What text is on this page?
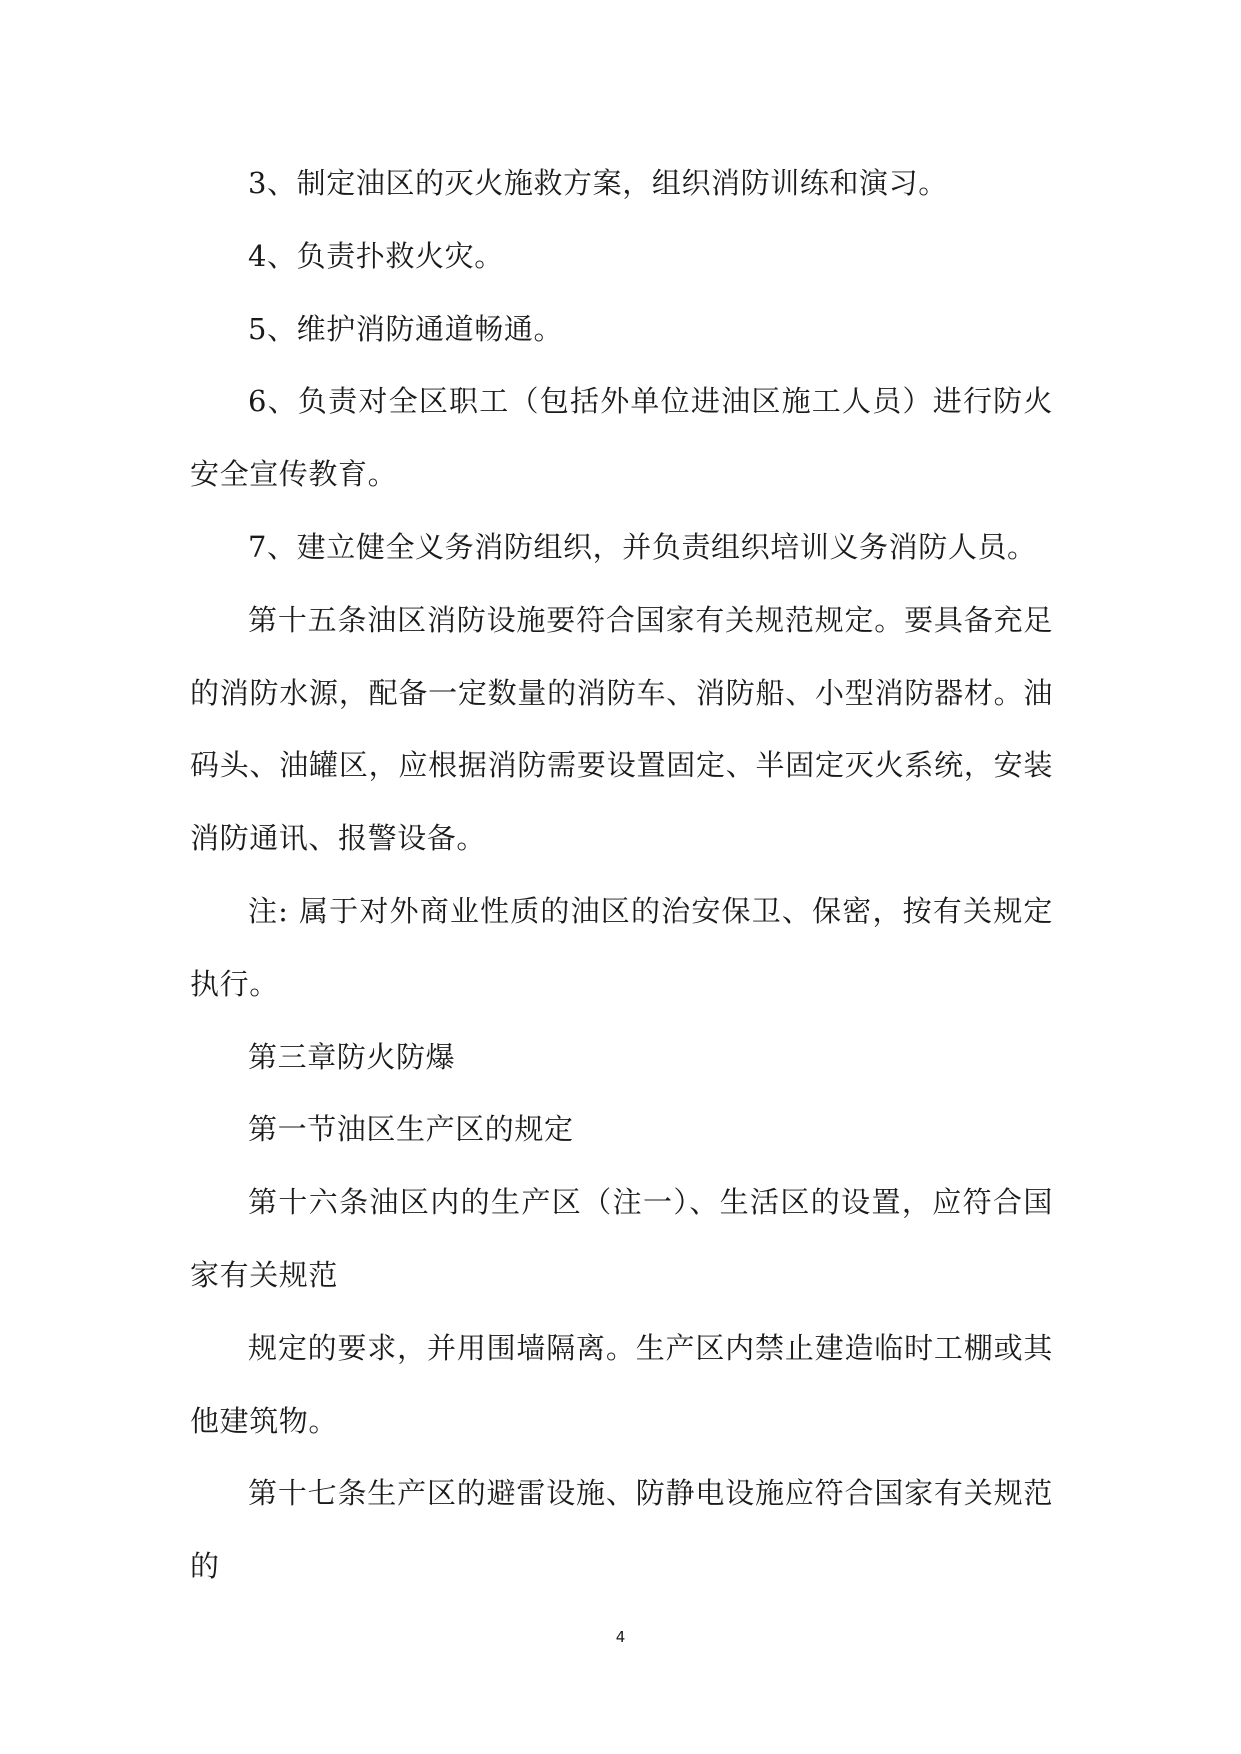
3、制定油区的灭火施救方案，组织消防训练和演习。

4、负责扑救火灾。

5、维护消防通道畅通。

6、负责对全区职工（包括外单位进油区施工人员）进行防火安全宣传教育。

7、建立健全义务消防组织，并负责组织培训义务消防人员。

第十五条油区消防设施要符合国家有关规范规定。要具备充足的消防水源，配备一定数量的消防车、消防船、小型消防器材。油码头、油罐区，应根据消防需要设置固定、半固定灭火系统，安装消防通讯、报警设备。

注: 属于对外商业性质的油区的治安保卫、保密，按有关规定执行。

第三章防火防爆

第一节油区生产区的规定

第十六条油区内的生产区（注一）、生活区的设置，应符合国家有关规范

规定的要求，并用围墙隔离。生产区内禁止建造临时工棚或其他建筑物。

第十七条生产区的避雷设施、防静电设施应符合国家有关规范的

4
